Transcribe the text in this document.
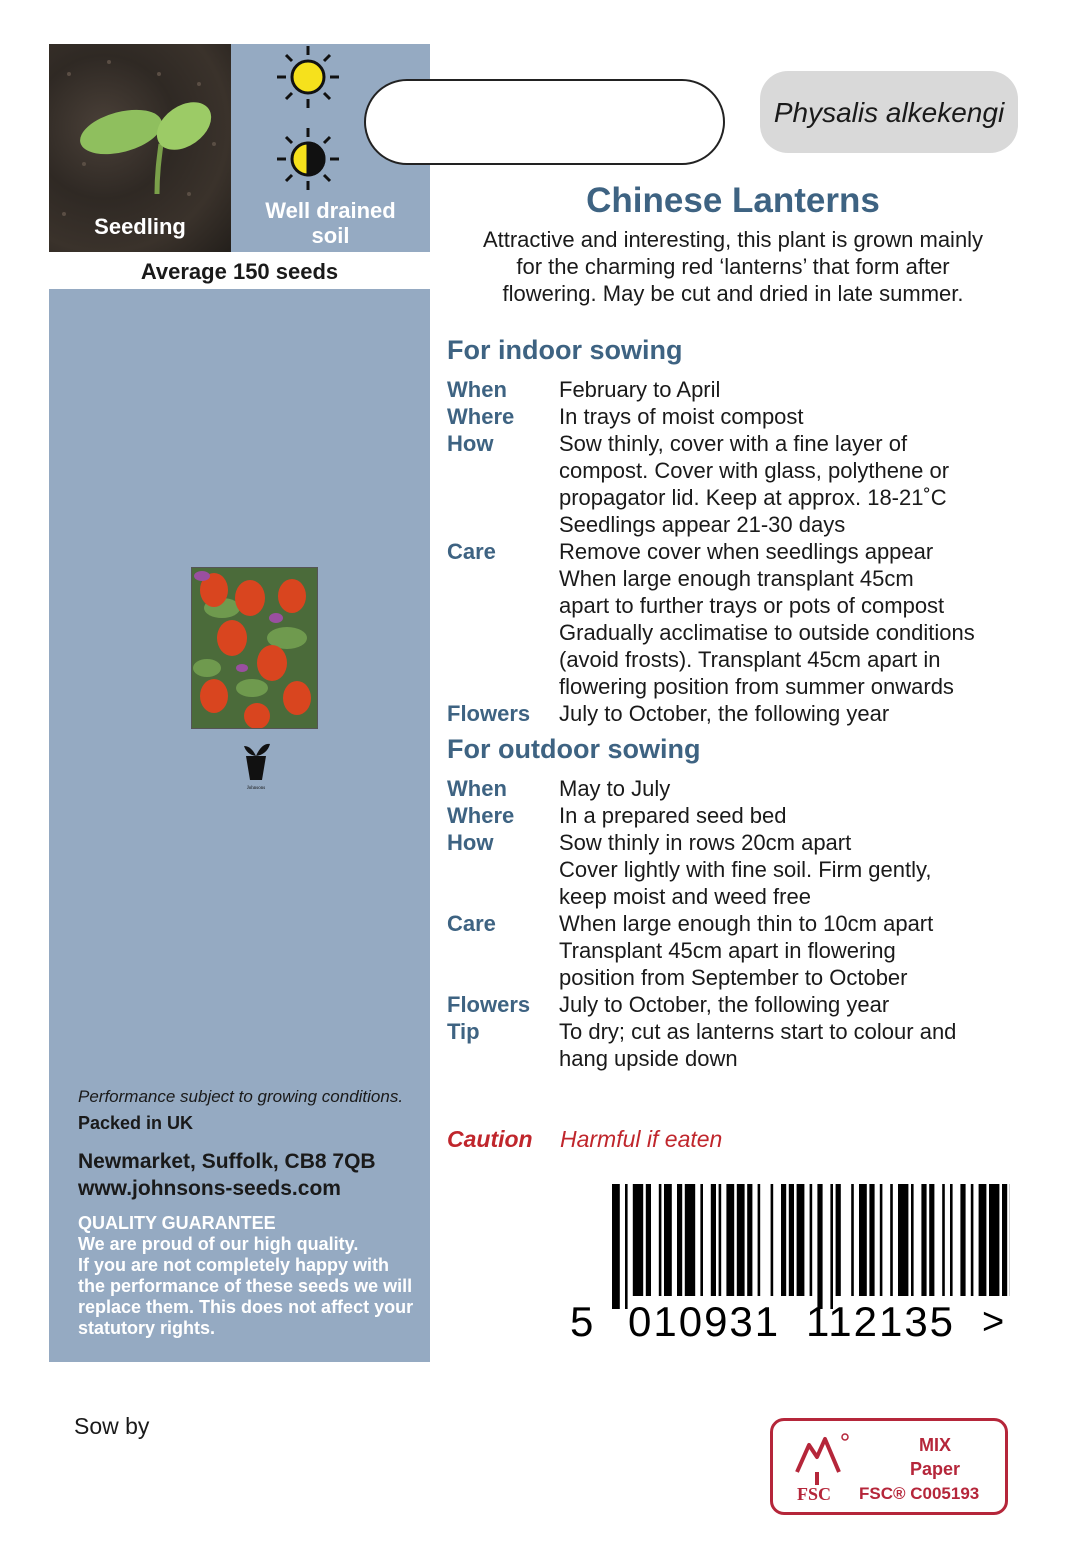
Seedling
Well drained
soil
Average 150 seeds
Johnsons
Performance subject to growing conditions.
Packed in UK
Newmarket, Suffolk, CB8 7QB
www.johnsons-seeds.com
QUALITY GUARANTEE
We are proud of our high quality.
If you are not completely happy with
the performance of these seeds we will
replace them. This does not affect your
statutory rights.
Sow by
Physalis alkekengi
Chinese Lanterns
Attractive and interesting, this plant is grown mainly
for the charming red ‘lanterns’ that form after
flowering. May be cut and dried in late summer.
For indoor sowing
When	February to April
Where	In trays of moist compost
How	Sow thinly, cover with a fine layer of
compost. Cover with glass, polythene or
propagator lid. Keep at approx. 18-21˚C
Seedlings appear 21-30 days
Care	Remove cover when seedlings appear
When large enough transplant 45cm
apart to further trays or pots of compost
Gradually acclimatise to outside conditions
(avoid frosts). Transplant 45cm apart in
flowering position from summer onwards
Flowers	July to October, the following year
For outdoor sowing
When	May to July
Where	In a prepared seed bed
How	Sow thinly in rows 20cm apart
Cover lightly with fine soil. Firm gently,
keep moist and weed free
Care	When large enough thin to 10cm apart
Transplant 45cm apart in flowering
position from September to October
Flowers	July to October, the following year
Tip	To dry; cut as lanterns start to colour and
hang upside down
Caution Harmful if eaten
5 010931 112135 >
MIX
Paper
FSC FSC® C005193
